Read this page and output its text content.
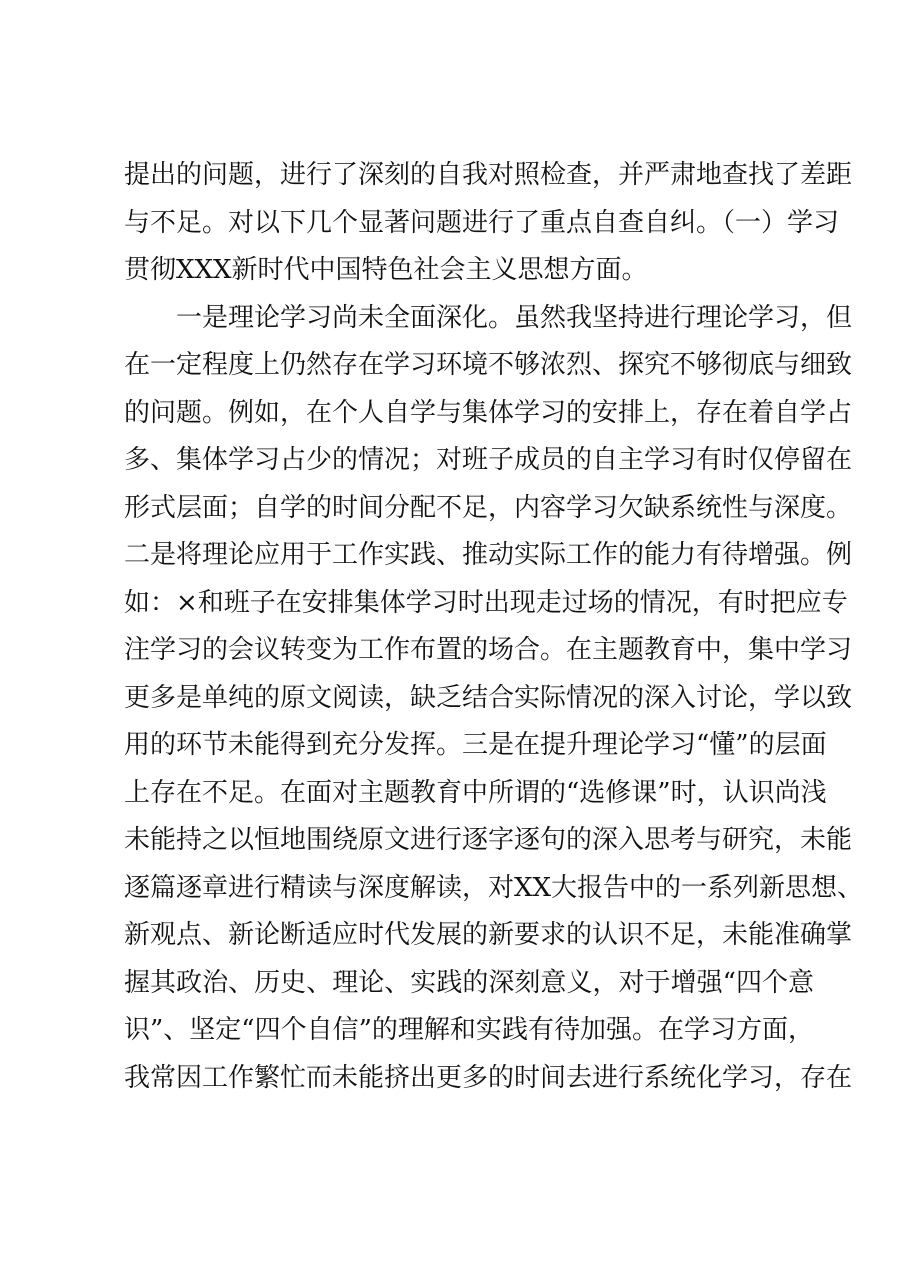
提出的问题，进行了深刻的自我对照检查，并严肃地查找了差距
与不足。对以下几个显著问题进行了重点自查自纠。（一）学习
贯彻XXX新时代中国特色社会主义思想方面。
一是理论学习尚未全面深化。虽然我坚持进行理论学习，但
在一定程度上仍然存在学习环境不够浓烈、探究不够彻底与细致
的问题。例如，在个人自学与集体学习的安排上，存在着自学占
多、集体学习占少的情况；对班子成员的自主学习有时仅停留在
形式层面；自学的时间分配不足，内容学习欠缺系统性与深度。
二是将理论应用于工作实践、推动实际工作的能力有待增强。例
如：×和班子在安排集体学习时出现走过场的情况，有时把应专
注学习的会议转变为工作布置的场合。在主题教育中，集中学习
更多是单纯的原文阅读，缺乏结合实际情况的深入讨论，学以致
用的环节未能得到充分发挥。三是在提升理论学习“懂”的层面
上存在不足。在面对主题教育中所谓的“选修课”时，认识尚浅
未能持之以恒地围绕原文进行逐字逐句的深入思考与研究，未能
逐篇逐章进行精读与深度解读，对XX大报告中的一系列新思想、
新观点、新论断适应时代发展的新要求的认识不足，未能准确掌
握其政治、历史、理论、实践的深刻意义，对于增强“四个意
识”、坚定“四个自信”的理解和实践有待加强。在学习方面，
我常因工作繁忙而未能挤出更多的时间去进行系统化学习，存在
